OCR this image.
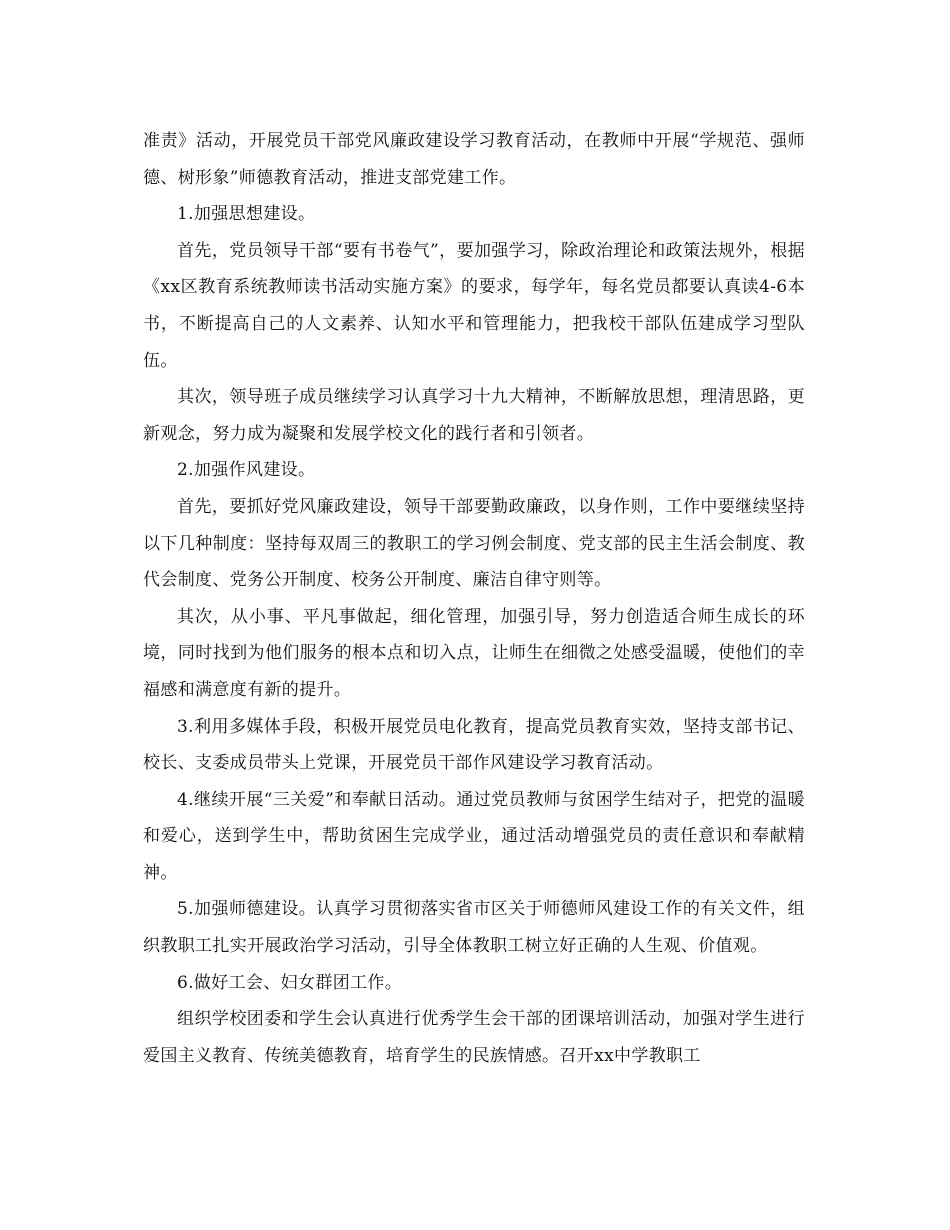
准责》活动，开展党员干部党风廉政建设学习教育活动，在教师中开展“学规范、强师德、树形象”师德教育活动，推进支部党建工作。

1.加强思想建设。

首先，党员领导干部“要有书卷气”，要加强学习，除政治理论和政策法规外，根据《xx区教育系统教师读书活动实施方案》的要求，每学年，每名党员都要认真读4-6本书，不断提高自己的人文素养、认知水平和管理能力，把我校干部队伍建成学习型队伍。

其次，领导班子成员继续学习认真学习十九大精神，不断解放思想，理清思路，更新观念，努力成为凝聚和发展学校文化的践行者和引领者。

2.加强作风建设。

首先，要抓好党风廉政建设，领导干部要勤政廉政，以身作则，工作中要继续坚持以下几种制度：坚持每双周三的教职工的学习例会制度、党支部的民主生活会制度、教代会制度、党务公开制度、校务公开制度、廉洁自律守则等。

其次，从小事、平凡事做起，细化管理，加强引导，努力创造适合师生成长的环境，同时找到为他们服务的根本点和切入点，让师生在细微之处感受温暖，使他们的幸福感和满意度有新的提升。

3.利用多媒体手段，积极开展党员电化教育，提高党员教育实效，坚持支部书记、校长、支委成员带头上党课，开展党员干部作风建设学习教育活动。

4.继续开展“三关爱”和奉献日活动。通过党员教师与贫困学生结对子，把党的温暖和爱心，送到学生中，帮助贫困生完成学业，通过活动增强党员的责任意识和奉献精神。

5.加强师德建设。认真学习贯彻落实省市区关于师德师风建设工作的有关文件，组织教职工扎实开展政治学习活动，引导全体教职工树立好正确的人生观、价值观。

6.做好工会、妇女群团工作。

组织学校团委和学生会认真进行优秀学生会干部的团课培训活动，加强对学生进行爱国主义教育、传统美德教育，培育学生的民族情感。召开xx中学教职工
